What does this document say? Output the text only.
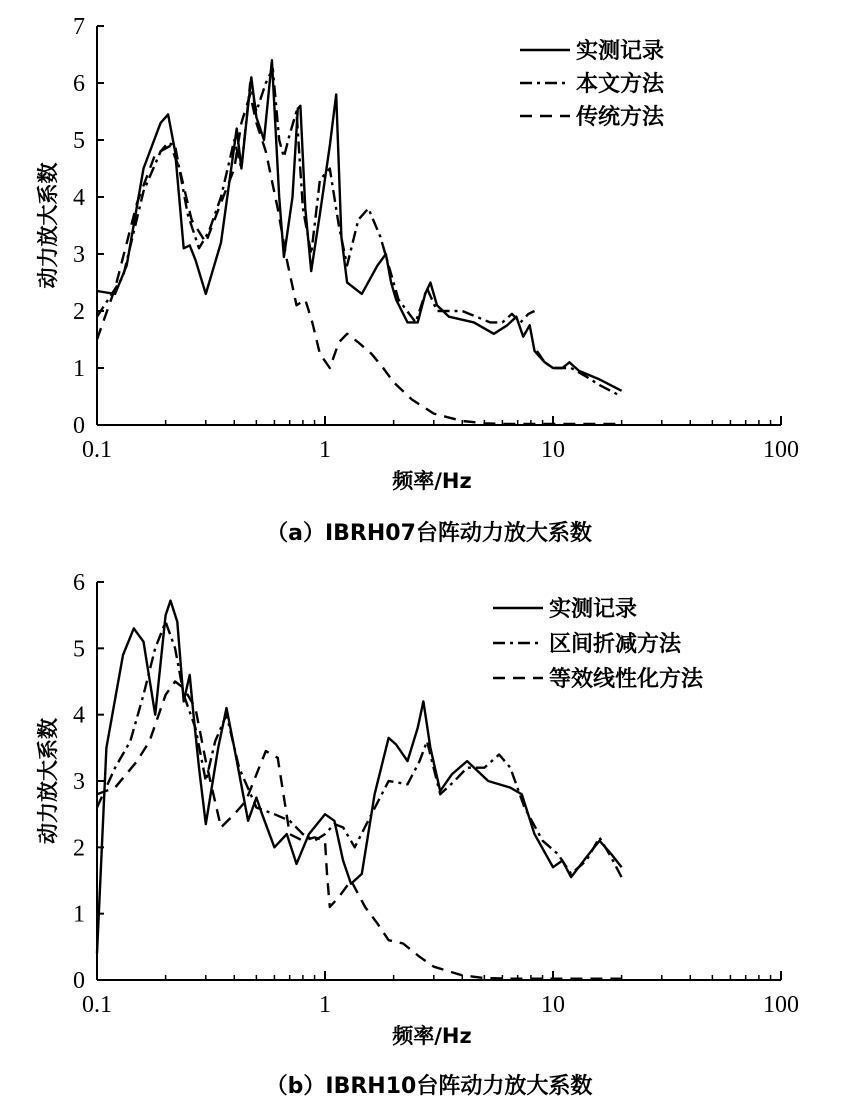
0
1
2
3
4
5
6
7
0.1	1	10	100
实测记录
本文方法
传统方法
频率/Hz
动力放大系数
（a）IBRH07台阵动力放大系数
0
1
2
3
4
5
6
0.1	1	10	100
实测记录
区间折减方法
等效线性化方法
频率/Hz
动力放大系数
（b）IBRH10台阵动力放大系数
